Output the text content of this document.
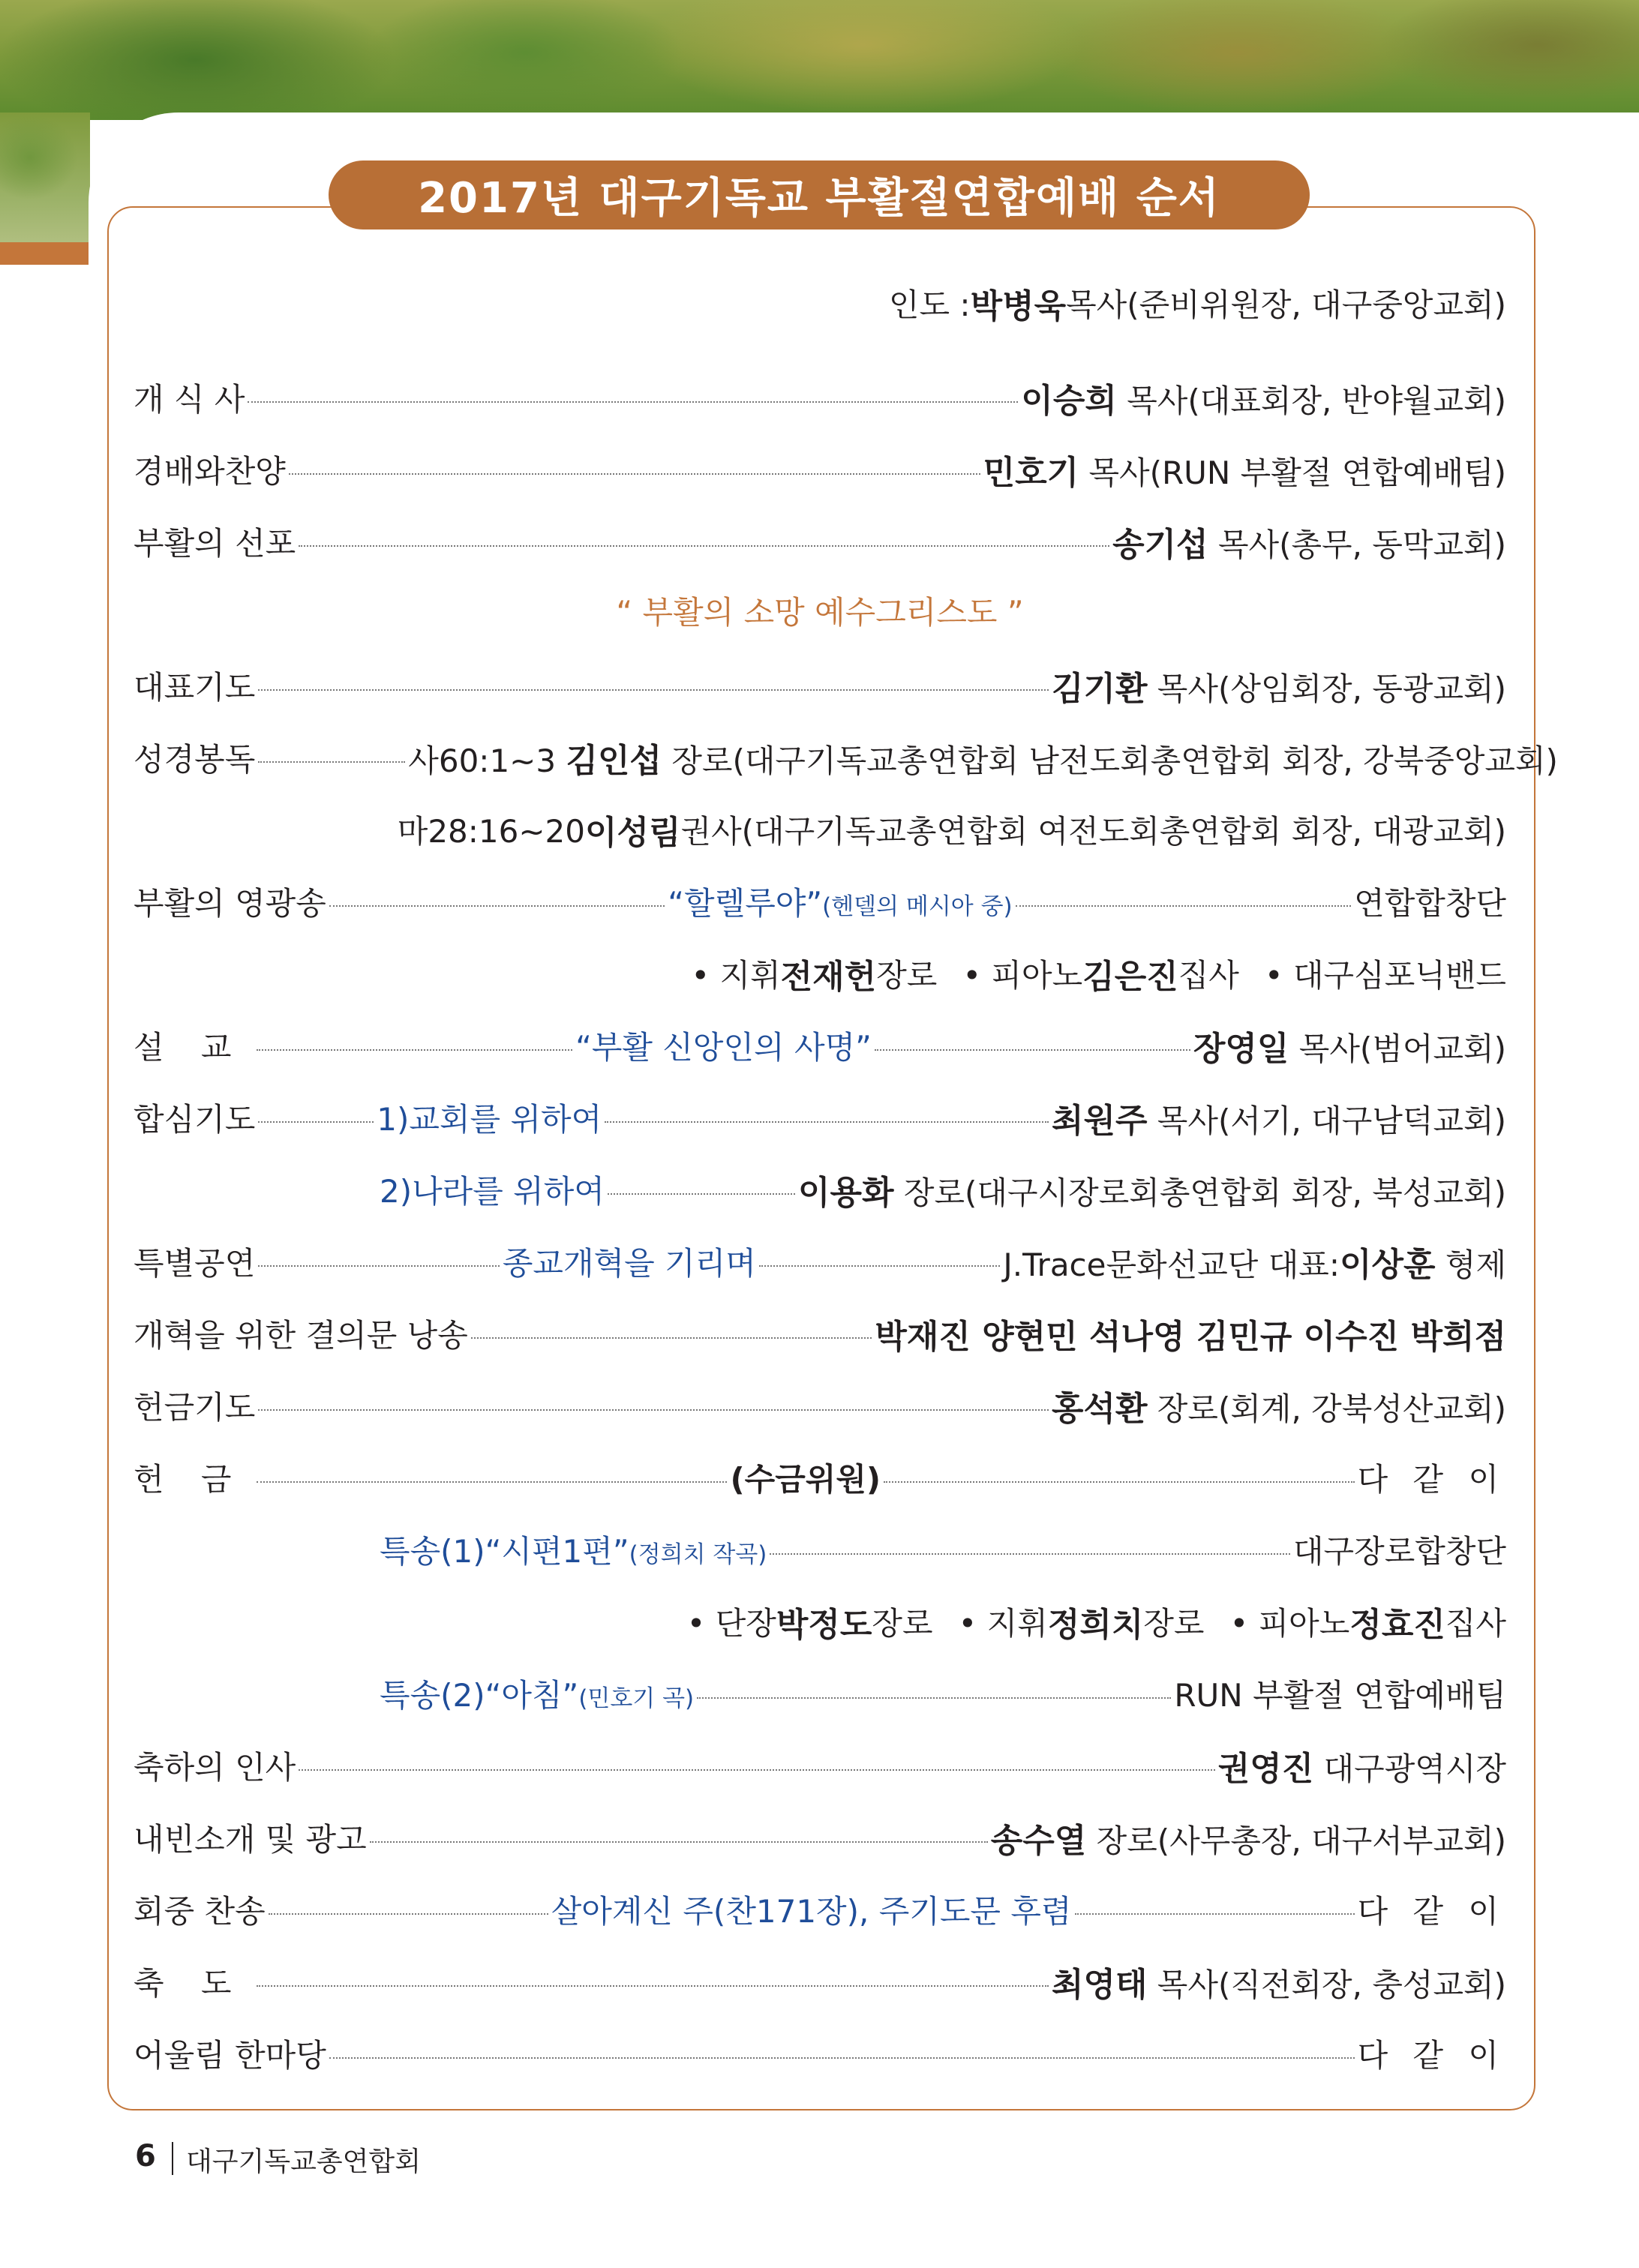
2017년 대구기독교 부활절연합예배 순서
인도 : 박병욱 목사(준비위원장, 대구중앙교회)
개 식 사	이승희 목사(대표회장, 반야월교회)
경배와찬양	민호기 목사(RUN 부활절 연합예배팀)
부활의 선포	송기섭 목사(총무, 동막교회)
“ 부활의 소망 예수그리스도 ”
대표기도	김기환 목사(상임회장, 동광교회)
성경봉독	사60:1~3 김인섭 장로(대구기독교총연합회 남전도회총연합회 회장, 강북중앙교회)
마28:16~20 이성림 권사(대구기독교총연합회 여전도회총연합회 회장, 대광교회)
부활의 영광송	“할렐루야”(헨델의 메시아 중)	연합합창단
• 지휘 전재헌 장로 • 피아노 김은진 집사 • 대구심포닉밴드
설 교	“부활 신앙인의 사명”	장영일 목사(범어교회)
합심기도	1)교회를 위하여	최원주 목사(서기, 대구남덕교회)
2)나라를 위하여	이용화 장로(대구시장로회총연합회 회장, 북성교회)
특별공연	종교개혁을 기리며	J.Trace문화선교단 대표:이상훈 형제
개혁을 위한 결의문 낭송	박재진 양현민 석나영 김민규 이수진 박희점
헌금기도	홍석환 장로(회계, 강북성산교회)
헌 금	(수금위원)	다 같 이
특송(1)“시편1편”(정희치 작곡)	대구장로합창단
• 단장 박정도 장로 • 지휘 정희치 장로 • 피아노 정효진 집사
특송(2)“아침”(민호기 곡)	RUN 부활절 연합예배팀
축하의 인사	권영진 대구광역시장
내빈소개 및 광고	송수열 장로(사무총장, 대구서부교회)
회중 찬송	살아계신 주(찬171장), 주기도문 후렴	다 같 이
축 도	최영태 목사(직전회장, 충성교회)
어울림 한마당	다 같 이
6 대구기독교총연합회
